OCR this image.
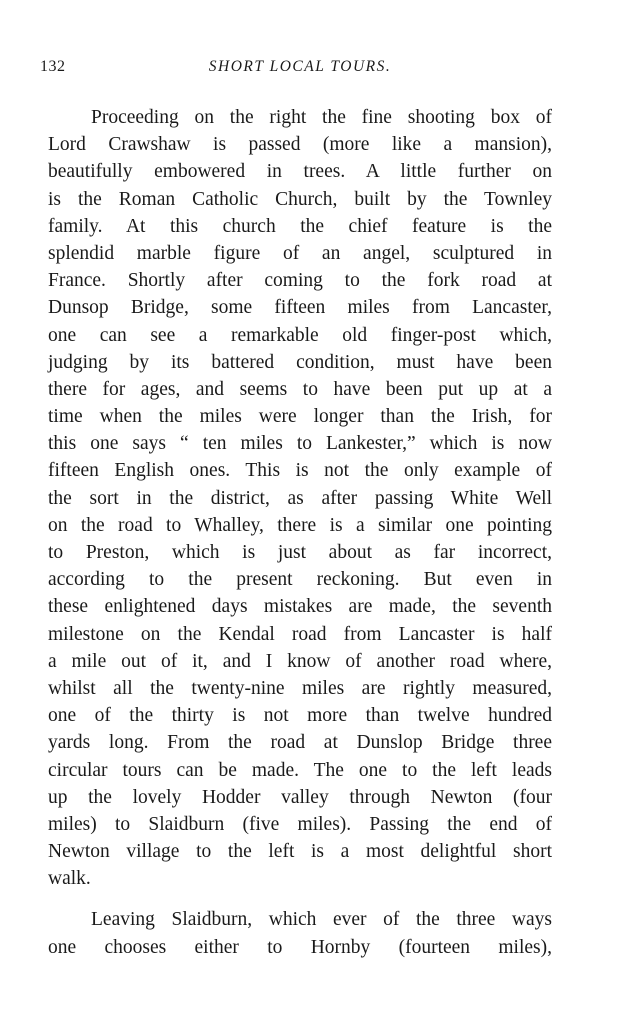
132	SHORT LOCAL TOURS.
Proceeding on the right the fine shooting box of
Lord Crawshaw is passed (more like a mansion),
beautifully embowered in trees. A little further on
is the Roman Catholic Church, built by the Townley
family. At this church the chief feature is the
splendid marble figure of an angel, sculptured in
France. Shortly after coming to the fork road at
Dunsop Bridge, some fifteen miles from Lancaster,
one can see a remarkable old finger-post which,
judging by its battered condition, must have been
there for ages, and seems to have been put up at a
time when the miles were longer than the Irish, for
this one says “ ten miles to Lankester,” which is now
fifteen English ones. This is not the only example of
the sort in the district, as after passing White Well
on the road to Whalley, there is a similar one pointing
to Preston, which is just about as far incorrect,
according to the present reckoning. But even in
these enlightened days mistakes are made, the seventh
milestone on the Kendal road from Lancaster is half
a mile out of it, and I know of another road where,
whilst all the twenty-nine miles are rightly measured,
one of the thirty is not more than twelve hundred
yards long. From the road at Dunslop Bridge three
circular tours can be made. The one to the left leads
up the lovely Hodder valley through Newton (four
miles) to Slaidburn (five miles). Passing the end of
Newton village to the left is a most delightful short
walk.
Leaving Slaidburn, which ever of the three ways
one chooses either to Hornby (fourteen miles),
